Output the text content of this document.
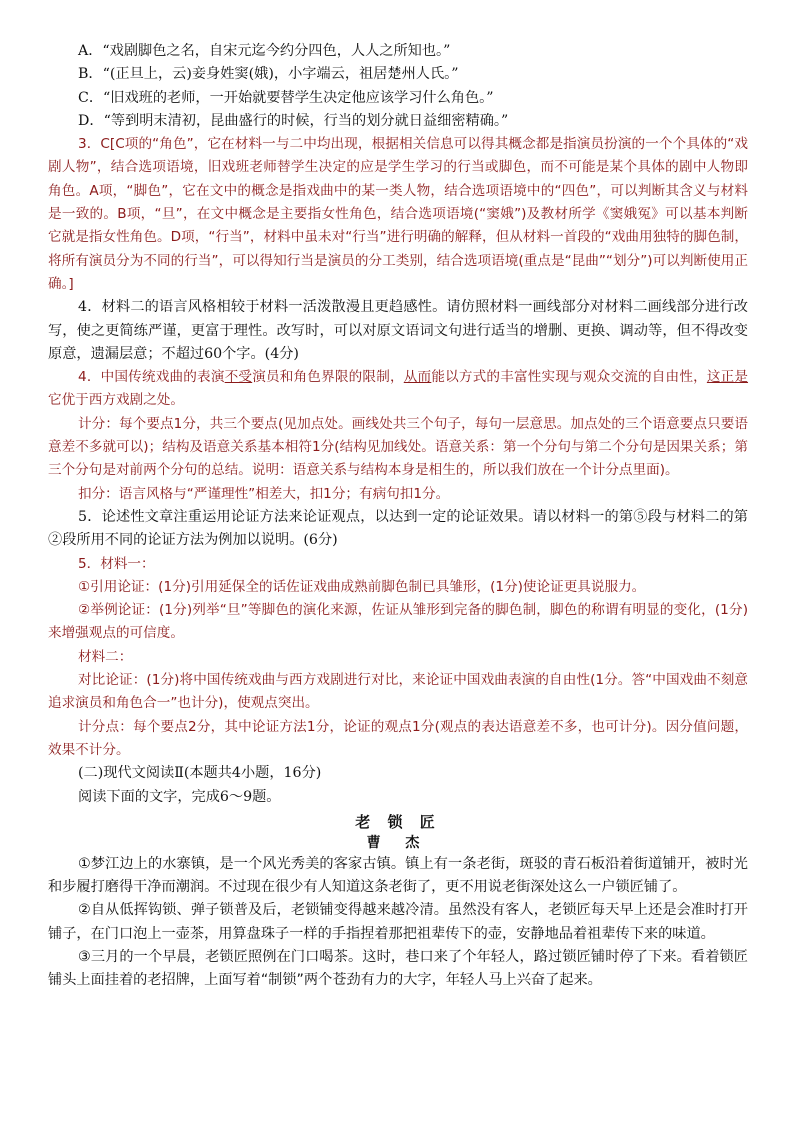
A．“戏剧脚色之名，自宋元迄今约分四色，人人之所知也。”

B．“(正旦上，云)妾身姓窦(娥)，小字端云，祖居楚州人氏。”

C．“旧戏班的老师，一开始就要替学生决定他应该学习什么角色。”

D．“等到明末清初，昆曲盛行的时候，行当的划分就日益细密精确。”

3．C[C项的“角色”，它在材料一与二中均出现，根据相关信息可以得其概念都是指演员扮演的一个个具体的“戏剧人物”，结合选项语境，旧戏班老师替学生决定的应是学生学习的行当或脚色，而不可能是某个具体的剧中人物即角色。A项，“脚色”，它在文中的概念是指戏曲中的某一类人物，结合选项语境中的“四色”，可以判断其含义与材料是一致的。B项，“旦”，在文中概念是主要指女性角色，结合选项语境(“窦娥”)及教材所学《窦娥冤》可以基本判断它就是指女性角色。D项，“行当”，材料中虽未对“行当”进行明确的解释，但从材料一首段的“戏曲用独特的脚色制，将所有演员分为不同的行当”，可以得知行当是演员的分工类别，结合选项语境(重点是“昆曲”“划分”)可以判断使用正确。]

4．材料二的语言风格相较于材料一活泼散漫且更趋感性。请仿照材料一画线部分对材料二画线部分进行改写，使之更简练严谨，更富于理性。改写时，可以对原文语词文句进行适当的增删、更换、调动等，但不得改变原意，遗漏层意；不超过60个字。(4分)

4．中国传统戏曲的表演不受演员和角色界限的限制，从而能以方式的丰富性实现与观众交流的自由性，这正是它优于西方戏剧之处。

计分：每个要点1分，共三个要点(见加点处。画线处共三个句子，每句一层意思。加点处的三个语意要点只要语意差不多就可以)；结构及语意关系基本相符1分(结构见加线处。语意关系：第一个分句与第二个分句是因果关系；第三个分句是对前两个分句的总结。说明：语意关系与结构本身是相生的，所以我们放在一个计分点里面)。

扣分：语言风格与“严谨理性”相差大，扣1分；有病句扣1分。

5．论述性文章注重运用论证方法来论证观点，以达到一定的论证效果。请以材料一的第⑤段与材料二的第②段所用不同的论证方法为例加以说明。(6分)

5．材料一：

①引用论证：(1分)引用延保全的话佐证戏曲成熟前脚色制已具雏形，(1分)使论证更具说服力。

②举例论证：(1分)列举“旦”等脚色的演化来源，佐证从雏形到完备的脚色制，脚色的称谓有明显的变化，(1分)来增强观点的可信度。

材料二：

对比论证：(1分)将中国传统戏曲与西方戏剧进行对比，来论证中国戏曲表演的自由性(1分。答“中国戏曲不刻意追求演员和角色合一”也计分)，使观点突出。

计分点：每个要点2分，其中论证方法1分，论证的观点1分(观点的表达语意差不多，也可计分)。因分值问题，效果不计分。

(二)现代文阅读Ⅱ(本题共4小题，16分)

阅读下面的文字，完成6～9题。

老 锁 匠

曹 杰

①梦江边上的水寨镇，是一个风光秀美的客家古镇。镇上有一条老街，斑驳的青石板沿着街道铺开，被时光和步履打磨得干净而潮润。不过现在很少有人知道这条老街了，更不用说老街深处这么一户锁匠铺了。

②自从低挥钩锁、弹子锁普及后，老锁铺变得越来越冷清。虽然没有客人，老锁匠每天早上还是会准时打开铺子，在门口泡上一壶茶，用算盘珠子一样的手指捏着那把祖辈传下的壶，安静地品着祖辈传下来的味道。

③三月的一个早晨，老锁匠照例在门口喝茶。这时，巷口来了个年轻人，路过锁匠铺时停了下来。看着锁匠铺头上面挂着的老招牌，上面写着“制锁”两个苍劲有力的大字，年轻人马上兴奋了起来。
